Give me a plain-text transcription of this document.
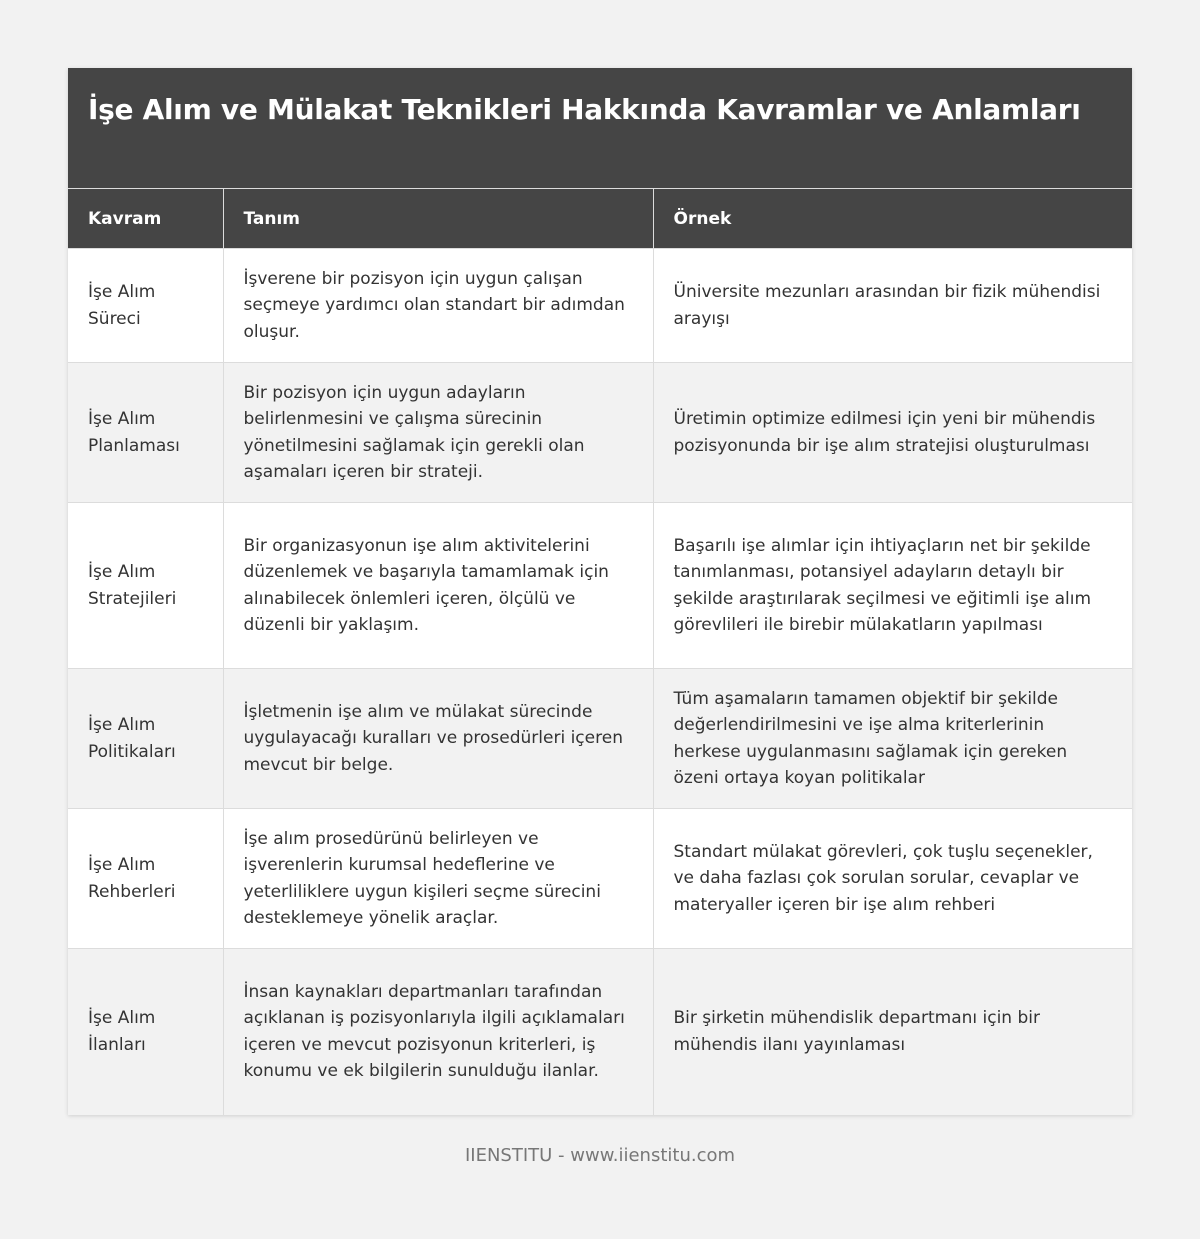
İşe Alım ve Mülakat Teknikleri Hakkında Kavramlar ve Anlamları
Kavram	Tanım	Örnek
İşe Alım Süreci	İşverene bir pozisyon için uygun çalışan seçmeye yardımcı olan standart bir adımdan oluşur.	Üniversite mezunları arasından bir fizik mühendisi arayışı
İşe Alım Planlaması	Bir pozisyon için uygun adayların belirlenmesini ve çalışma sürecinin yönetilmesini sağlamak için gerekli olan aşamaları içeren bir strateji.	Üretimin optimize edilmesi için yeni bir mühendis pozisyonunda bir işe alım stratejisi oluşturulması
İşe Alım Stratejileri	Bir organizasyonun işe alım aktivitelerini düzenlemek ve başarıyla tamamlamak için alınabilecek önlemleri içeren, ölçülü ve düzenli bir yaklaşım.	Başarılı işe alımlar için ihtiyaçların net bir şekilde tanımlanması, potansiyel adayların detaylı bir şekilde araştırılarak seçilmesi ve eğitimli işe alım görevlileri ile birebir mülakatların yapılması
İşe Alım Politikaları	İşletmenin işe alım ve mülakat sürecinde uygulayacağı kuralları ve prosedürleri içeren mevcut bir belge.	Tüm aşamaların tamamen objektif bir şekilde değerlendirilmesini ve işe alma kriterlerinin herkese uygulanmasını sağlamak için gereken özeni ortaya koyan politikalar
İşe Alım Rehberleri	İşe alım prosedürünü belirleyen ve işverenlerin kurumsal hedeflerine ve yeterliliklere uygun kişileri seçme sürecini desteklemeye yönelik araçlar.	Standart mülakat görevleri, çok tuşlu seçenekler, ve daha fazlası çok sorulan sorular, cevaplar ve materyaller içeren bir işe alım rehberi
İşe Alım İlanları	İnsan kaynakları departmanları tarafından açıklanan iş pozisyonlarıyla ilgili açıklamaları içeren ve mevcut pozisyonun kriterleri, iş konumu ve ek bilgilerin sunulduğu ilanlar.	Bir şirketin mühendislik departmanı için bir mühendis ilanı yayınlaması
IIENSTITU - www.iienstitu.com
